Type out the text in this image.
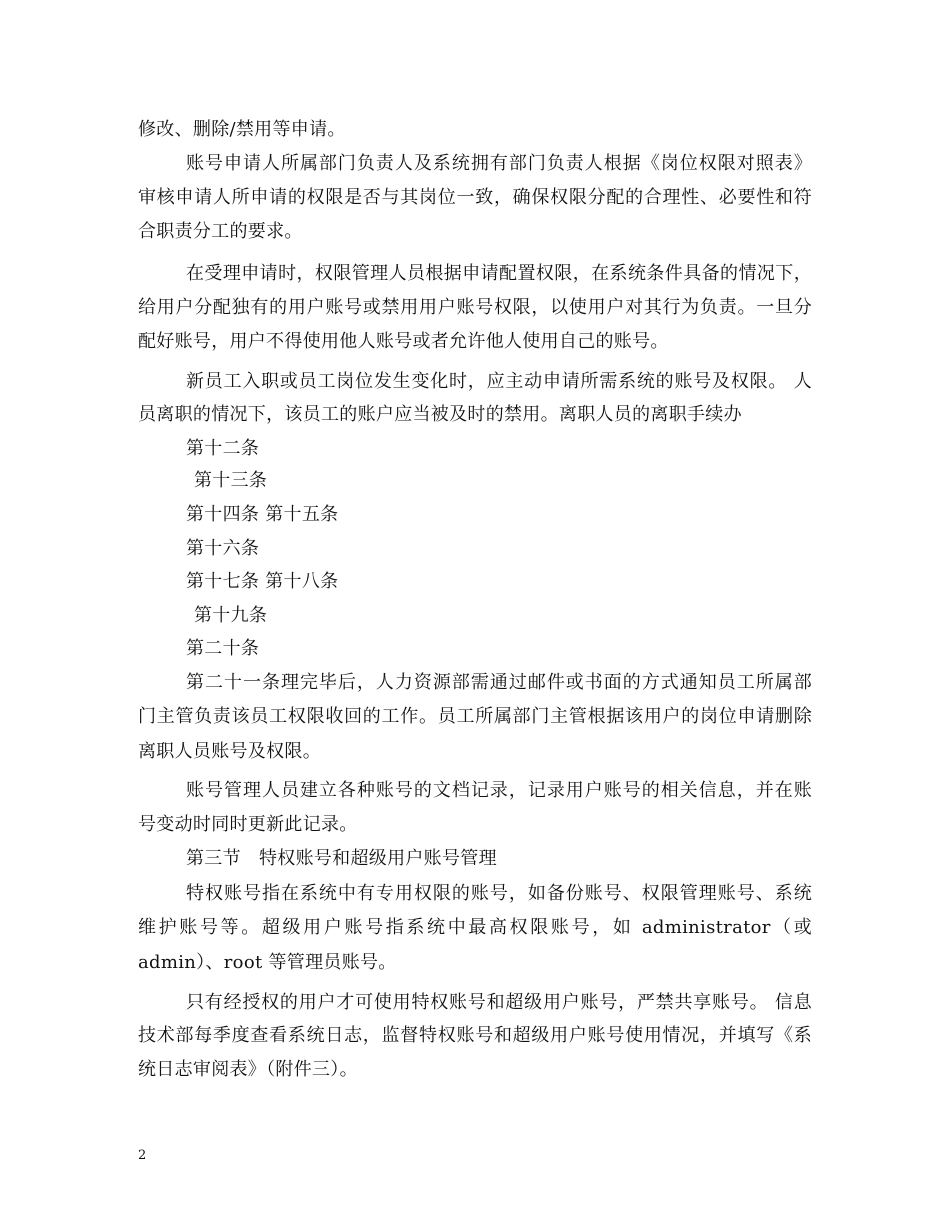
修改、删除/禁用等申请。
账号申请人所属部门负责人及系统拥有部门负责人根据《岗位权限对照表》
审核申请人所申请的权限是否与其岗位一致，确保权限分配的合理性、必要性和符
合职责分工的要求。
在受理申请时，权限管理人员根据申请配置权限，在系统条件具备的情况下，
给用户分配独有的用户账号或禁用用户账号权限，以使用户对其行为负责。一旦分
配好账号，用户不得使用他人账号或者允许他人使用自己的账号。
新员工入职或员工岗位发生变化时，应主动申请所需系统的账号及权限。 人
员离职的情况下，该员工的账户应当被及时的禁用。离职人员的离职手续办
第十二条
第十三条
第十四条 第十五条
第十六条
第十七条 第十八条
第十九条
第二十条
第二十一条理完毕后，人力资源部需通过邮件或书面的方式通知员工所属部
门主管负责该员工权限收回的工作。员工所属部门主管根据该用户的岗位申请删除
离职人员账号及权限。
账号管理人员建立各种账号的文档记录，记录用户账号的相关信息，并在账
号变动时同时更新此记录。
第三节   特权账号和超级用户账号管理
特权账号指在系统中有专用权限的账号，如备份账号、权限管理账号、系统
维护账号等。超级用户账号指系统中最高权限账号，如 administrator（或
admin）、root 等管理员账号。
只有经授权的用户才可使用特权账号和超级用户账号，严禁共享账号。 信息
技术部每季度查看系统日志，监督特权账号和超级用户账号使用情况，并填写《系
统日志审阅表》（附件三）。
2
